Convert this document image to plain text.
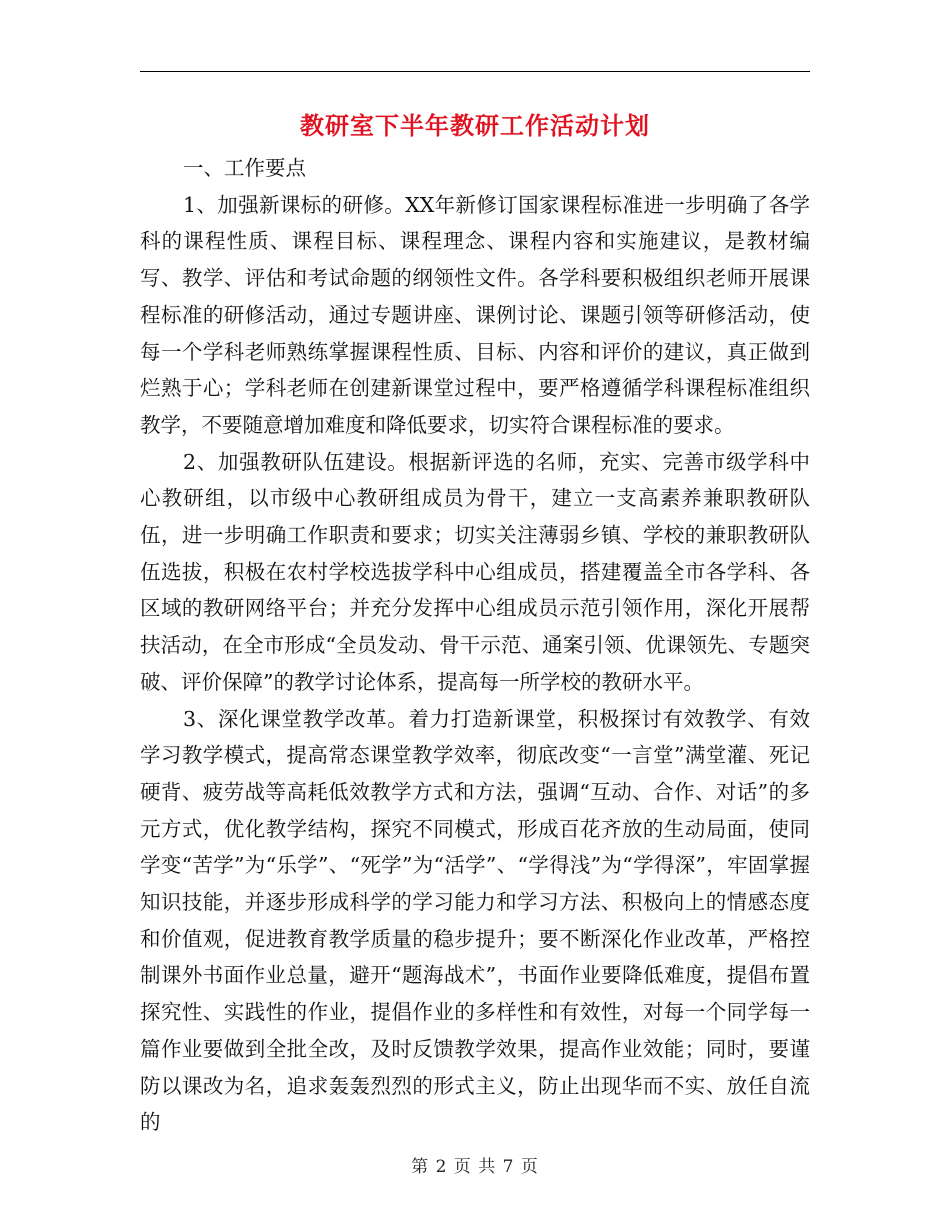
教研室下半年教研工作活动计划

一、工作要点

1、加强新课标的研修。XX年新修订国家课程标准进一步明确了各学科的课程性质、课程目标、课程理念、课程内容和实施建议，是教材编写、教学、评估和考试命题的纲领性文件。各学科要积极组织老师开展课程标准的研修活动，通过专题讲座、课例讨论、课题引领等研修活动，使每一个学科老师熟练掌握课程性质、目标、内容和评价的建议，真正做到烂熟于心；学科老师在创建新课堂过程中，要严格遵循学科课程标准组织教学，不要随意增加难度和降低要求，切实符合课程标准的要求。

2、加强教研队伍建设。根据新评选的名师，充实、完善市级学科中心教研组，以市级中心教研组成员为骨干，建立一支高素养兼职教研队伍，进一步明确工作职责和要求；切实关注薄弱乡镇、学校的兼职教研队伍选拔，积极在农村学校选拔学科中心组成员，搭建覆盖全市各学科、各区域的教研网络平台；并充分发挥中心组成员示范引领作用，深化开展帮扶活动，在全市形成“全员发动、骨干示范、通案引领、优课领先、专题突破、评价保障”的教学讨论体系，提高每一所学校的教研水平。

3、深化课堂教学改革。着力打造新课堂，积极探讨有效教学、有效学习教学模式，提高常态课堂教学效率，彻底改变“一言堂”满堂灌、死记硬背、疲劳战等高耗低效教学方式和方法，强调“互动、合作、对话”的多元方式，优化教学结构，探究不同模式，形成百花齐放的生动局面，使同学变“苦学”为“乐学”、“死学”为“活学”、“学得浅”为“学得深”，牢固掌握知识技能，并逐步形成科学的学习能力和学习方法、积极向上的情感态度和价值观，促进教育教学质量的稳步提升；要不断深化作业改革，严格控制课外书面作业总量，避开“题海战术”，书面作业要降低难度，提倡布置探究性、实践性的作业，提倡作业的多样性和有效性，对每一个同学每一篇作业要做到全批全改，及时反馈教学效果，提高作业效能；同时，要谨防以课改为名，追求轰轰烈烈的形式主义，防止出现华而不实、放任自流的

第 2 页 共 7 页
